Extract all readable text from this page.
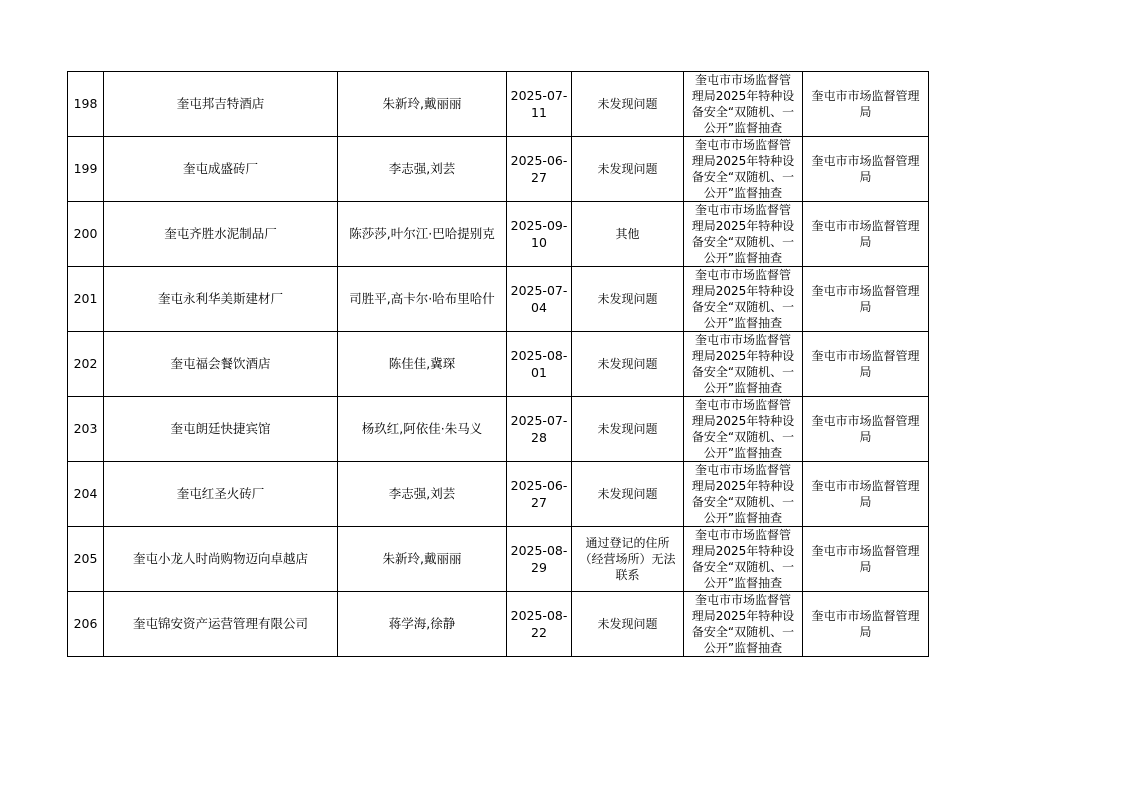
198	奎屯邦吉特酒店	朱新玲,戴丽丽	2025-07-
11	未发现问题	奎屯市市场监督管
理局2025年特种设
备安全“双随机、一
公开”监督抽查	奎屯市市场监督管理
局

199	奎屯成盛砖厂	李志强,刘芸	2025-06-
27	未发现问题	奎屯市市场监督管
理局2025年特种设
备安全“双随机、一
公开”监督抽查	奎屯市市场监督管理
局

200	奎屯齐胜水泥制品厂	陈莎莎,叶尔江·巴哈提别克	2025-09-
10	其他	奎屯市市场监督管
理局2025年特种设
备安全“双随机、一
公开”监督抽查	奎屯市市场监督管理
局

201	奎屯永利华美斯建材厂	司胜平,高卡尔·哈布里哈什	2025-07-
04	未发现问题	奎屯市市场监督管
理局2025年特种设
备安全“双随机、一
公开”监督抽查	奎屯市市场监督管理
局

202	奎屯福会餐饮酒店	陈佳佳,冀琛	2025-08-
01	未发现问题	奎屯市市场监督管
理局2025年特种设
备安全“双随机、一
公开”监督抽查	奎屯市市场监督管理
局

203	奎屯朗廷快捷宾馆	杨玖红,阿依佳·朱马义	2025-07-
28	未发现问题	奎屯市市场监督管
理局2025年特种设
备安全“双随机、一
公开”监督抽查	奎屯市市场监督管理
局

204	奎屯红圣火砖厂	李志强,刘芸	2025-06-
27	未发现问题	奎屯市市场监督管
理局2025年特种设
备安全“双随机、一
公开”监督抽查	奎屯市市场监督管理
局

205	奎屯小龙人时尚购物迈向卓越店	朱新玲,戴丽丽	2025-08-
29	通过登记的住所（经营场所）无法联系	奎屯市市场监督管
理局2025年特种设
备安全“双随机、一
公开”监督抽查	奎屯市市场监督管理
局

206	奎屯锦安资产运营管理有限公司	蒋学海,徐静	2025-08-
22	未发现问题	奎屯市市场监督管
理局2025年特种设
备安全“双随机、一
公开”监督抽查	奎屯市市场监督管理
局
